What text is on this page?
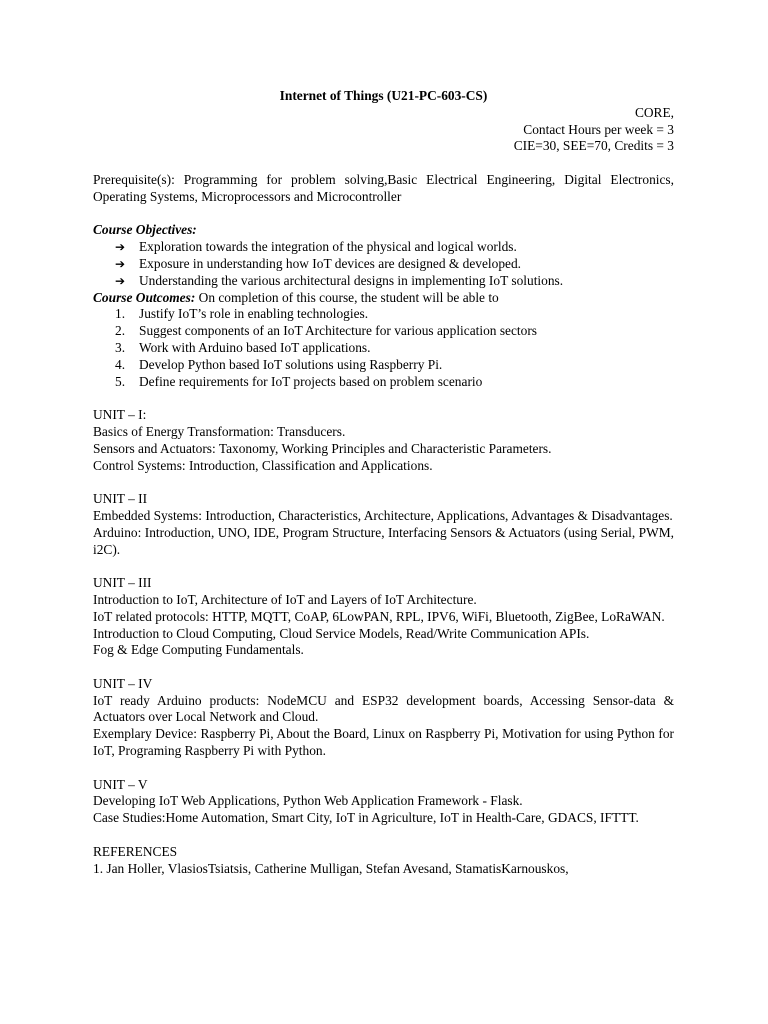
Internet of Things (U21-PC-603-CS)

CORE,

Contact Hours per week = 3

CIE=30, SEE=70, Credits = 3

Prerequisite(s): Programming for problem solving,Basic Electrical Engineering, Digital Electronics, Operating Systems, Microprocessors and Microcontroller

Course Objectives:

➔ Exploration towards the integration of the physical and logical worlds.
➔ Exposure in understanding how IoT devices are designed & developed.
➔ Understanding the various architectural designs in implementing IoT solutions.

Course Outcomes: On completion of this course, the student will be able to

1. Justify IoT’s role in enabling technologies.
2. Suggest components of an IoT Architecture for various application sectors
3. Work with Arduino based IoT applications.
4. Develop Python based IoT solutions using Raspberry Pi.
5. Define requirements for IoT projects based on problem scenario

UNIT – I:

Basics of Energy Transformation: Transducers.

Sensors and Actuators: Taxonomy, Working Principles and Characteristic Parameters.

Control Systems: Introduction, Classification and Applications.

UNIT – II

Embedded Systems: Introduction, Characteristics, Architecture, Applications, Advantages & Disadvantages.

Arduino: Introduction, UNO, IDE, Program Structure, Interfacing Sensors & Actuators (using Serial, PWM, i2C).

UNIT – III

Introduction to IoT, Architecture of IoT and Layers of IoT Architecture.

IoT related protocols: HTTP, MQTT, CoAP, 6LowPAN, RPL, IPV6, WiFi, Bluetooth, ZigBee, LoRaWAN.

Introduction to Cloud Computing, Cloud Service Models, Read/Write Communication APIs.

Fog & Edge Computing Fundamentals.

UNIT – IV

IoT ready Arduino products: NodeMCU and ESP32 development boards, Accessing Sensor-data & Actuators over Local Network and Cloud.

Exemplary Device: Raspberry Pi, About the Board, Linux on Raspberry Pi, Motivation for using Python for IoT, Programing Raspberry Pi with Python.

UNIT – V

Developing IoT Web Applications, Python Web Application Framework - Flask.

Case Studies:Home Automation, Smart City, IoT in Agriculture, IoT in Health-Care, GDACS, IFTTT.

REFERENCES

1. Jan Holler, VlasiosTsiatsis, Catherine Mulligan, Stefan Avesand, StamatisKarnouskos,
